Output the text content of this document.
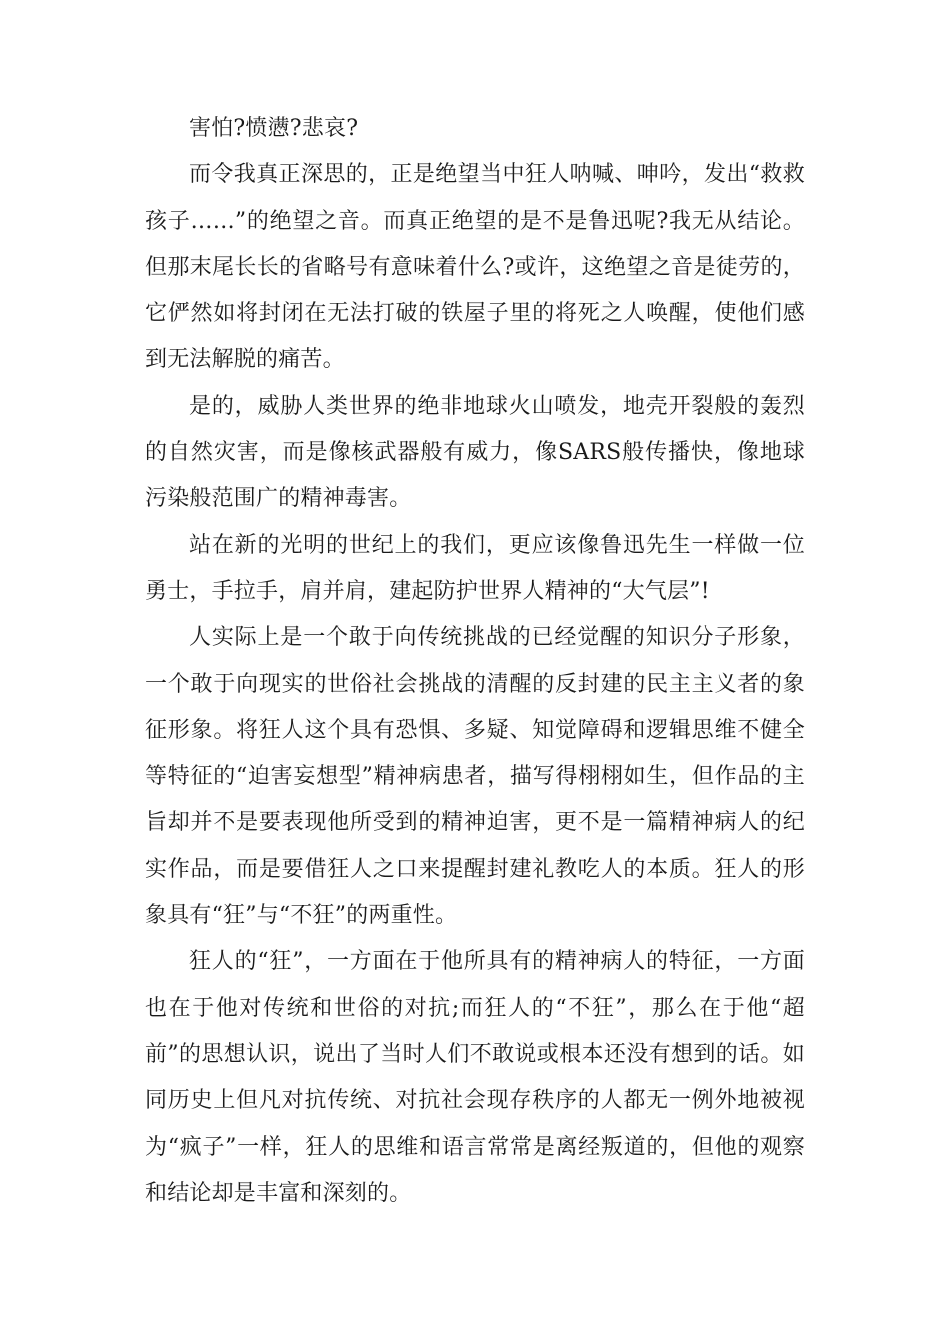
害怕?愤懑?悲哀?

而令我真正深思的，正是绝望当中狂人呐喊、呻吟，发出“救救孩子……”的绝望之音。而真正绝望的是不是鲁迅呢?我无从结论。但那末尾长长的省略号有意味着什么?或许，这绝望之音是徒劳的，它俨然如将封闭在无法打破的铁屋子里的将死之人唤醒，使他们感到无法解脱的痛苦。

是的，威胁人类世界的绝非地球火山喷发，地壳开裂般的轰烈的自然灾害，而是像核武器般有威力，像SARS般传播快，像地球污染般范围广的精神毒害。

站在新的光明的世纪上的我们，更应该像鲁迅先生一样做一位勇士，手拉手，肩并肩，建起防护世界人精神的“大气层”!

人实际上是一个敢于向传统挑战的已经觉醒的知识分子形象，一个敢于向现实的世俗社会挑战的清醒的反封建的民主主义者的象征形象。将狂人这个具有恐惧、多疑、知觉障碍和逻辑思维不健全等特征的“迫害妄想型”精神病患者，描写得栩栩如生，但作品的主旨却并不是要表现他所受到的精神迫害，更不是一篇精神病人的纪实作品，而是要借狂人之口来提醒封建礼教吃人的本质。狂人的形象具有“狂”与“不狂”的两重性。

狂人的“狂”，一方面在于他所具有的精神病人的特征，一方面也在于他对传统和世俗的对抗;而狂人的“不狂”，那么在于他“超前”的思想认识，说出了当时人们不敢说或根本还没有想到的话。如同历史上但凡对抗传统、对抗社会现存秩序的人都无一例外地被视为“疯子”一样，狂人的思维和语言常常是离经叛道的，但他的观察和结论却是丰富和深刻的。
